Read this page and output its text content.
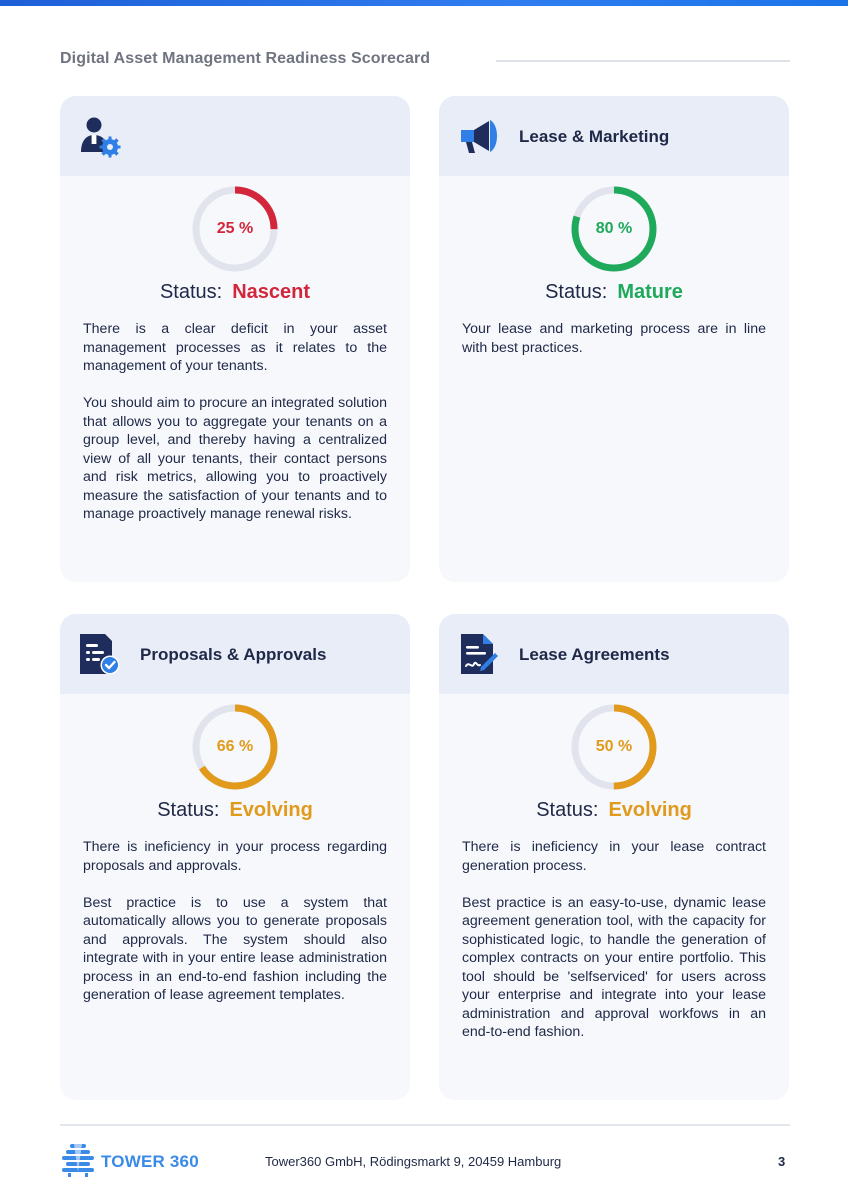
Digital Asset Management Readiness Scorecard
25 %
Status: Nascent

There is a clear deficit in your asset management processes as it relates to the management of your tenants.

You should aim to procure an integrated solution that allows you to aggregate your tenants on a group level, and thereby having a centralized view of all your tenants, their contact persons and risk metrics, allowing you to proactively measure the satisfaction of your tenants and to manage proactively manage renewal risks.

Lease & Marketing
80 %
Status: Mature

Your lease and marketing process are in line with best practices.

Proposals & Approvals
66 %
Status: Evolving

There is ineficiency in your process regarding proposals and approvals.

Best practice is to use a system that automatically allows you to generate proposals and approvals. The system should also integrate with in your entire lease administration process in an end-to-end fashion including the generation of lease agreement templates.

Lease Agreements
50 %
Status: Evolving

There is ineficiency in your lease contract generation process.

Best practice is an easy-to-use, dynamic lease agreement generation tool, with the capacity for sophisticated logic, to handle the generation of complex contracts on your entire portfolio. This tool should be 'selfserviced' for users across your enterprise and integrate into your lease administration and approval workfows in an end-to-end fashion.

TOWER 360	Tower360 GmbH, Rödingsmarkt 9, 20459 Hamburg	3
